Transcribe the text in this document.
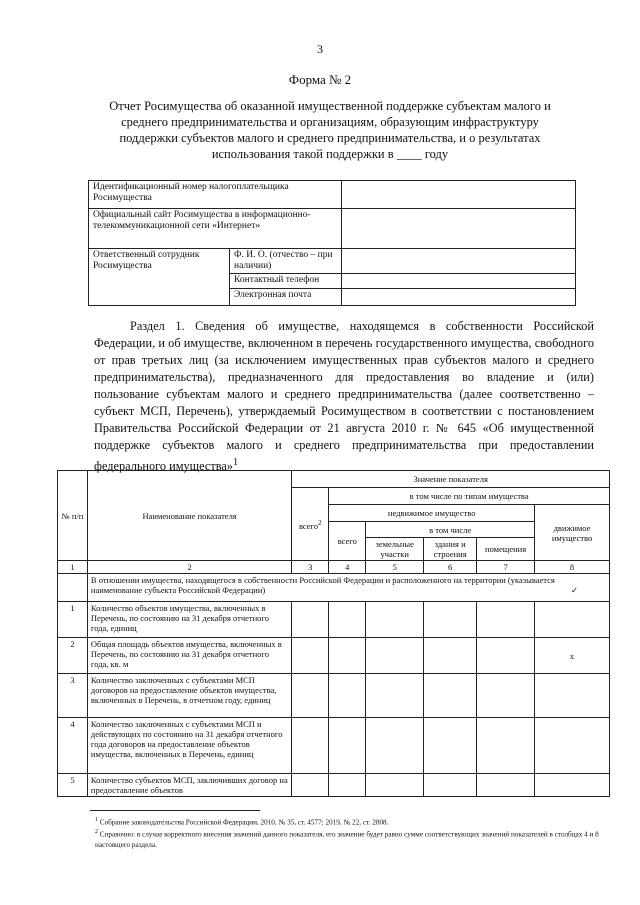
3
Форма № 2
Отчет Росимущества об оказанной имущественной поддержке субъектам малого и среднего предпринимательства и организациям, образующим инфраструктуру поддержки субъектов малого и среднего предпринимательства, и о результатах использования такой поддержки в ____ году
Идентификационный номер налогоплательщика Росимущества		
Официальный сайт Росимущества в информационно-телекоммуникационной сети «Интернет»		
Ответственный сотрудник Росимущества	Ф. И. О. (отчество – при наличии)	
	Контактный телефон	
	Электронная почта	
Раздел 1. Сведения об имуществе, находящемся в собственности Российской Федерации, и об имуществе, включенном в перечень государственного имущества, свободного от прав третьих лиц (за исключением имущественных прав субъектов малого и среднего предпринимательства), предназначенного для предоставления во владение и (или) пользование субъектам малого и среднего предпринимательства (далее соответственно – субъект МСП, Перечень), утверждаемый Росимуществом в соответствии с постановлением Правительства Российской Федерации от 21 августа 2010 г. № 645 «Об имущественной поддержке субъектов малого и среднего предпринимательства при предоставлении федерального имущества»$^1$
№ п/п	Наименование показателя	Значение показателя					
		всего$^2$	в том числе по типам имущества				
			недвижимое имущество				движимое имущество
			всего	в том числе			
				земельные участки	здания и строения	помещения	
1	2	3	4	5	6	7	8
	В отношении имущества, находящегося в собственности Российской Федерации и расположенного на территории (указывается наименование субъекта Российской Федерации) ✓						

1	Количество объектов имущества, включенных в Перечень, по состоянию на 31 декабря отчетного года, единиц						
2	Общая площадь объектов имущества, включенных в Перечень, по состоянию на 31 декабря отчетного года, кв. м						х
3	Количество заключенных с субъектами МСП договоров на предоставление объектов имущества, включенных в Перечень, в отчетном году, единиц						
4	Количество заключенных с субъектами МСП и действующих по состоянию на 31 декабря отчетного года договоров на предоставление объектов имущества, включенных в Перечень, единиц						
5	Количество субъектов МСП, заключивших договор на предоставление объектов						
$^1$ Собрание законодательства Российской Федерации, 2010, № 35, ст. 4577; 2019, № 22, ст. 2808.
$^2$ Справочно: в случае корректного внесения значений данного показателя, его значение будет равно сумме соответствующих значений показателей в столбцах 4 и 8 настоящего раздела.
